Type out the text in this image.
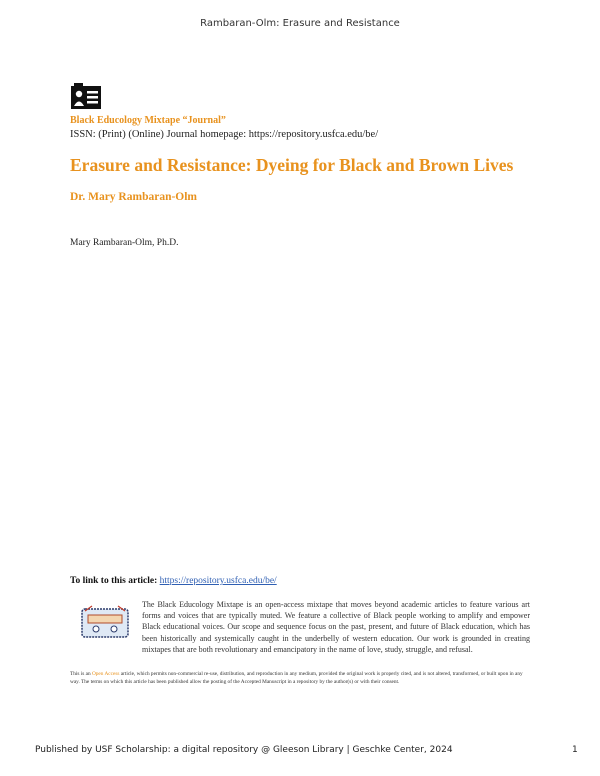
Rambaran-Olm: Erasure and Resistance
Black Educology Mixtape “Journal”
ISSN: (Print) (Online) Journal homepage: https://repository.usfca.edu/be/
Erasure and Resistance: Dyeing for Black and Brown Lives
Dr. Mary Rambaran-Olm
Mary Rambaran-Olm, Ph.D.
To link to this article: https://repository.usfca.edu/be/
The Black Educology Mixtape is an open-access mixtape that moves beyond academic articles to feature various art forms and voices that are typically muted. We feature a collective of Black people working to amplify and empower Black educational voices. Our scope and sequence focus on the past, present, and future of Black education, which has been historically and systemically caught in the underbelly of western education. Our work is grounded in creating mixtapes that are both revolutionary and emancipatory in the name of love, study, struggle, and refusal.
This is an Open Access article, which permits non-commercial re-use, distribution, and reproduction in any medium, provided the original work is properly cited, and is not altered, transformed, or built upon in any way. The terms on which this article has been published allow the posting of the Accepted Manuscript in a repository by the author(s) or with their consent.
Published by USF Scholarship: a digital repository @ Gleeson Library | Geschke Center, 2024	1
